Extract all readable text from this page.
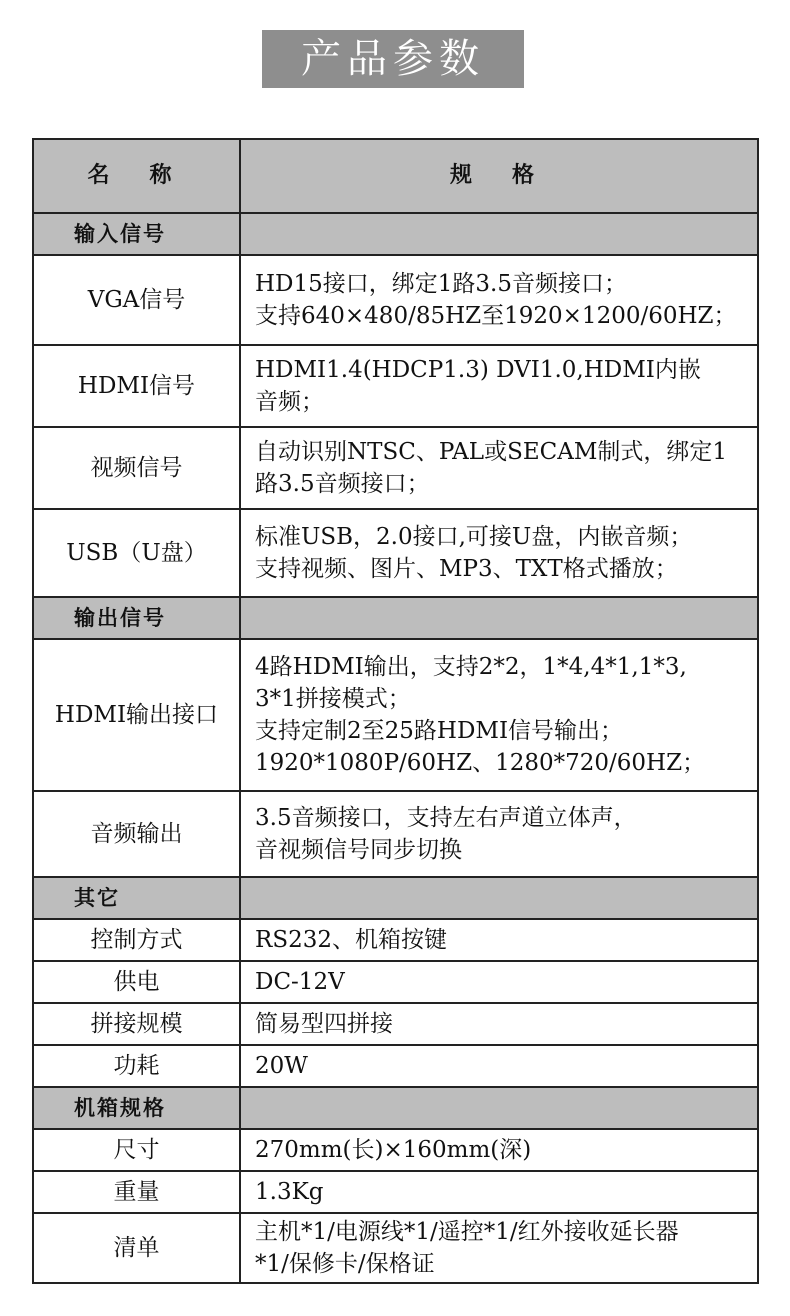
产品参数
名称	规格
输入信号	
VGA信号	HD15接口，绑定1路3.5音频接口；
支持640×480/85HZ至1920×1200/60HZ；

HDMI信号	HDMI1.4(HDCP1.3) DVI1.0,HDMI内嵌
音频；

视频信号	自动识别NTSC、PAL或SECAM制式，绑定1
路3.5音频接口；

USB（U盘）	标准USB，2.0接口,可接U盘，内嵌音频；
支持视频、图片、MP3、TXT格式播放；

输出信号	
HDMI输出接口	4路HDMI输出，支持2*2，1*4,4*1,1*3,
3*1拼接模式；
支持定制2至25路HDMI信号输出；
1920*1080P/60HZ、1280*720/60HZ；

音频输出	3.5音频接口，支持左右声道立体声，
音视频信号同步切换

其它	
控制方式	RS232、机箱按键

供电	DC-12V

拼接规模	简易型四拼接

功耗	20W

机箱规格	
尺寸	270mm(长)×160mm(深)

重量	1.3Kg

清单	主机*1/电源线*1/遥控*1/红外接收延长器
*1/保修卡/保格证
